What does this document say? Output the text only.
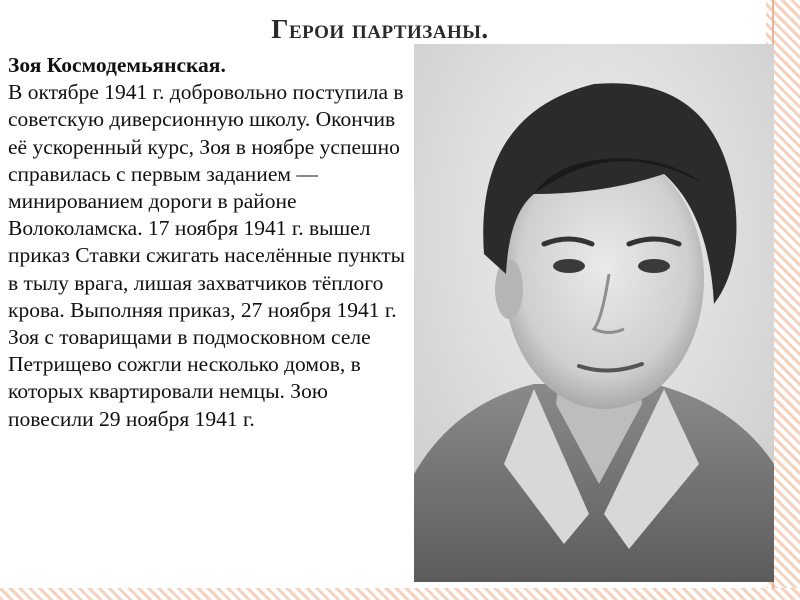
Герои партизаны.
Зоя Космодемьянская.
В октябре 1941 г. добровольно поступила в советскую диверсионную школу. Окончив её ускоренный курс, Зоя в ноябре успешно справилась с первым заданием — минированием дороги в районе Волоколамска. 17 ноября 1941 г. вышел приказ Ставки сжигать населённые пункты в тылу врага, лишая захватчиков тёплого крова. Выполняя приказ, 27 ноября 1941 г. Зоя с товарищами в подмосковном селе Петрищево сожгли несколько домов, в которых квартировали немцы. Зою повесили 29 ноября 1941 г.
